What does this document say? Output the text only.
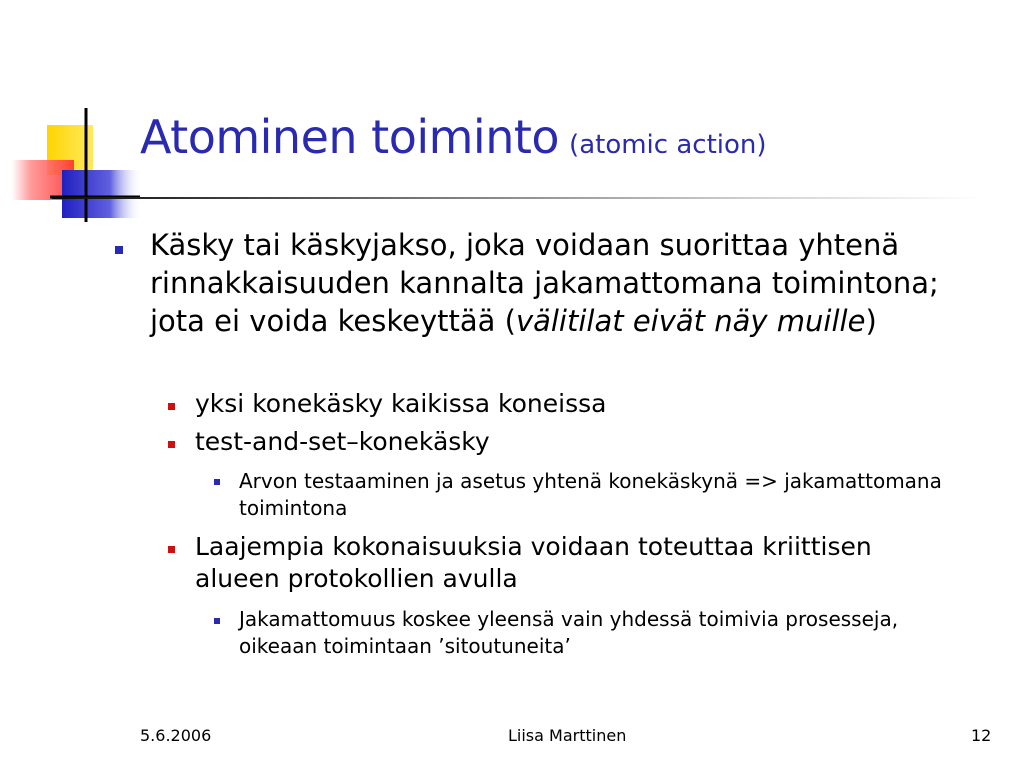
Atominen toiminto (atomic action)
Käsky tai käskyjakso, joka voidaan suorittaa yhtenä rinnakkaisuuden kannalta jakamattomana toimintona; jota ei voida keskeyttää (välitilat eivät näy muille)
yksi konekäsky kaikissa koneissa
test-and-set–konekäsky
Arvon testaaminen ja asetus yhtenä konekäskynä => jakamattomana toimintona
Laajempia kokonaisuuksia voidaan toteuttaa kriittisen alueen protokollien avulla
Jakamattomuus koskee yleensä vain yhdessä toimivia prosesseja, oikeaan toimintaan ’sitoutuneita’
5.6.2006	Liisa Marttinen	12
